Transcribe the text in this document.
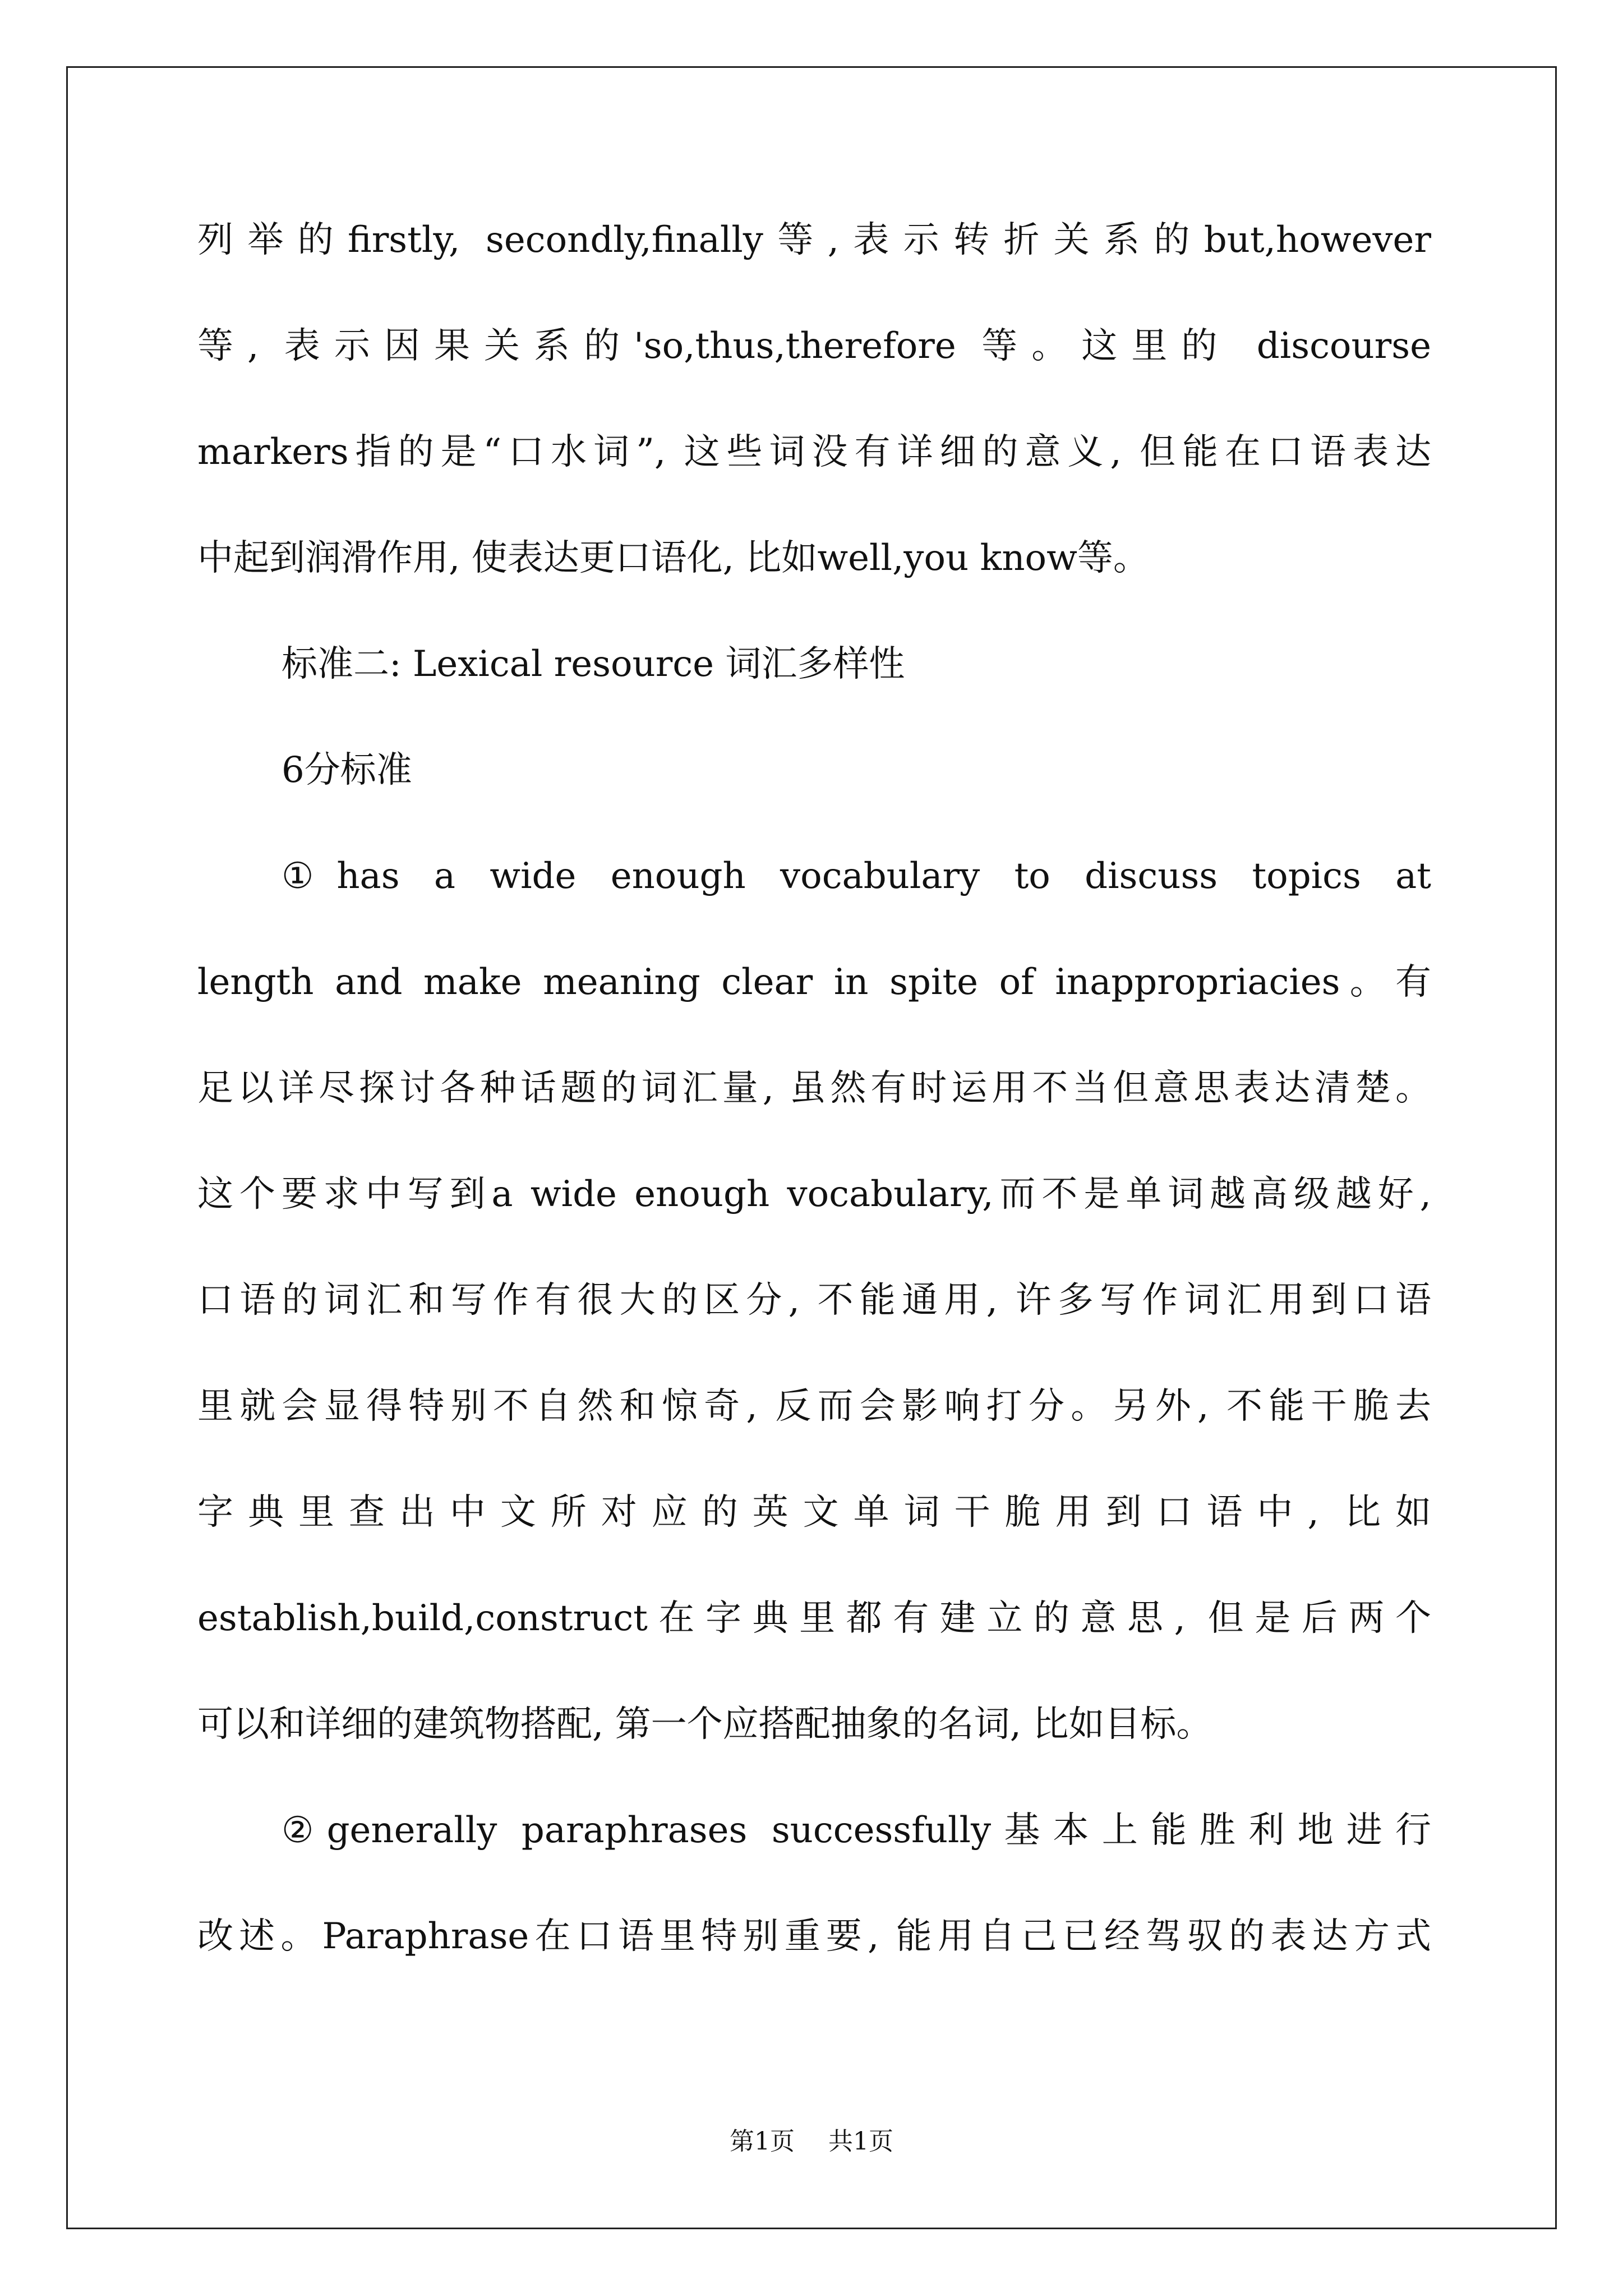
列举的firstly, secondly,finally等,表示转折关系的but,however
等, 表示因果关系的'so,thus,therefore 等。这里的 discourse
markers指的是“口水词”, 这些词没有详细的意义, 但能在口语表达
中起到润滑作用, 使表达更口语化, 比如well,you know等。
标准二: Lexical resource 词汇多样性
6分标准
①has a wide enough vocabulary to discuss topics at
length and make meaning clear in spite of inappropriacies。有
足以详尽探讨各种话题的词汇量, 虽然有时运用不当但意思表达清楚。
这个要求中写到a wide enough vocabulary,而不是单词越高级越好,
口语的词汇和写作有很大的区分, 不能通用, 许多写作词汇用到口语
里就会显得特别不自然和惊奇, 反而会影响打分。另外, 不能干脆去
字典里查出中文所对应的英文单词干脆用到口语中, 比如
establish,build,construct在字典里都有建立的意思, 但是后两个
可以和详细的建筑物搭配, 第一个应搭配抽象的名词, 比如目标。
②generally paraphrases successfully基本上能胜利地进行
改述。Paraphrase在口语里特别重要, 能用自己已经驾驭的表达方式
第1页 共1页
